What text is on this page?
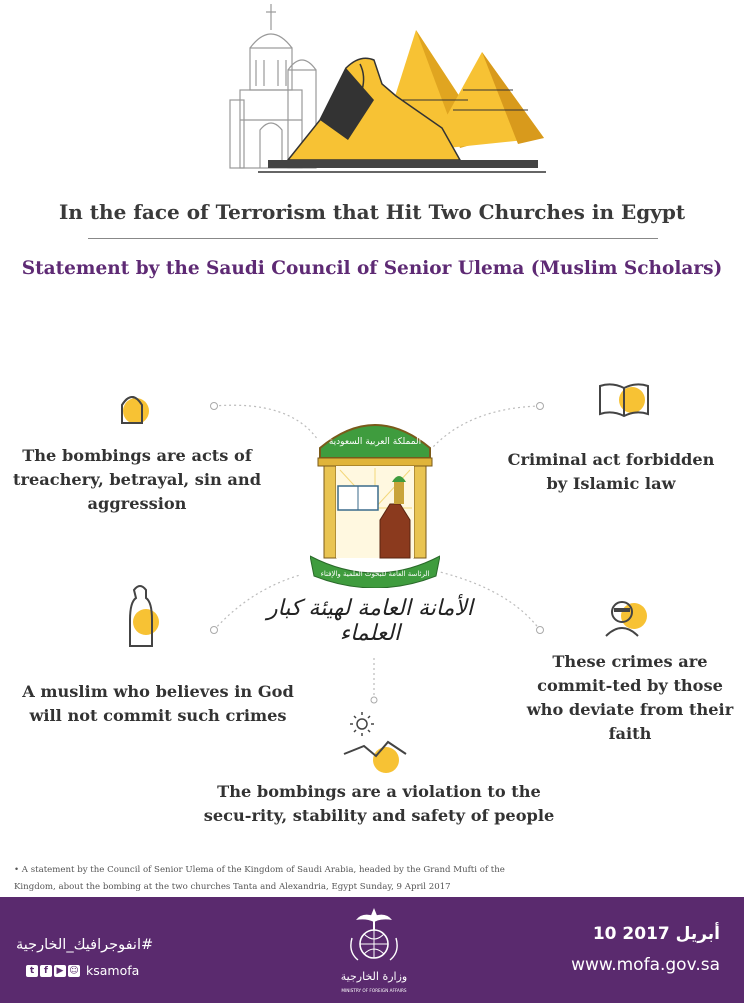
In the face of Terrorism that Hit Two Churches in Egypt
Statement by the Saudi Council of Senior Ulema (Muslim Scholars)
The bombings are acts of treachery, betrayal, sin and aggression
Criminal act forbidden by Islamic law
A muslim who believes in God will not commit such crimes
These crimes are commit-ted by those who deviate from their faith
The bombings are a violation to the secu-rity, stability and safety of people
المملكة العربية السعودية
الرئاسة العامة للبحوث العلمية والإفتاء
الأمانة العامة لهيئة كبار العلماء
• A statement by the Council of Senior Ulema of the Kingdom of Saudi Arabia, headed by the Grand Mufti of the Kingdom, about the bombing at the two churches Tanta and Alexandria, Egypt Sunday, 9 April 2017
#انفوجرافيك_الخارجية
t	f ▶ ☺ ksamofa	وزارة الخارجية
MINISTRY OF FOREIGN AFFAIRS
10 أبريل 2017
www.mofa.gov.sa
